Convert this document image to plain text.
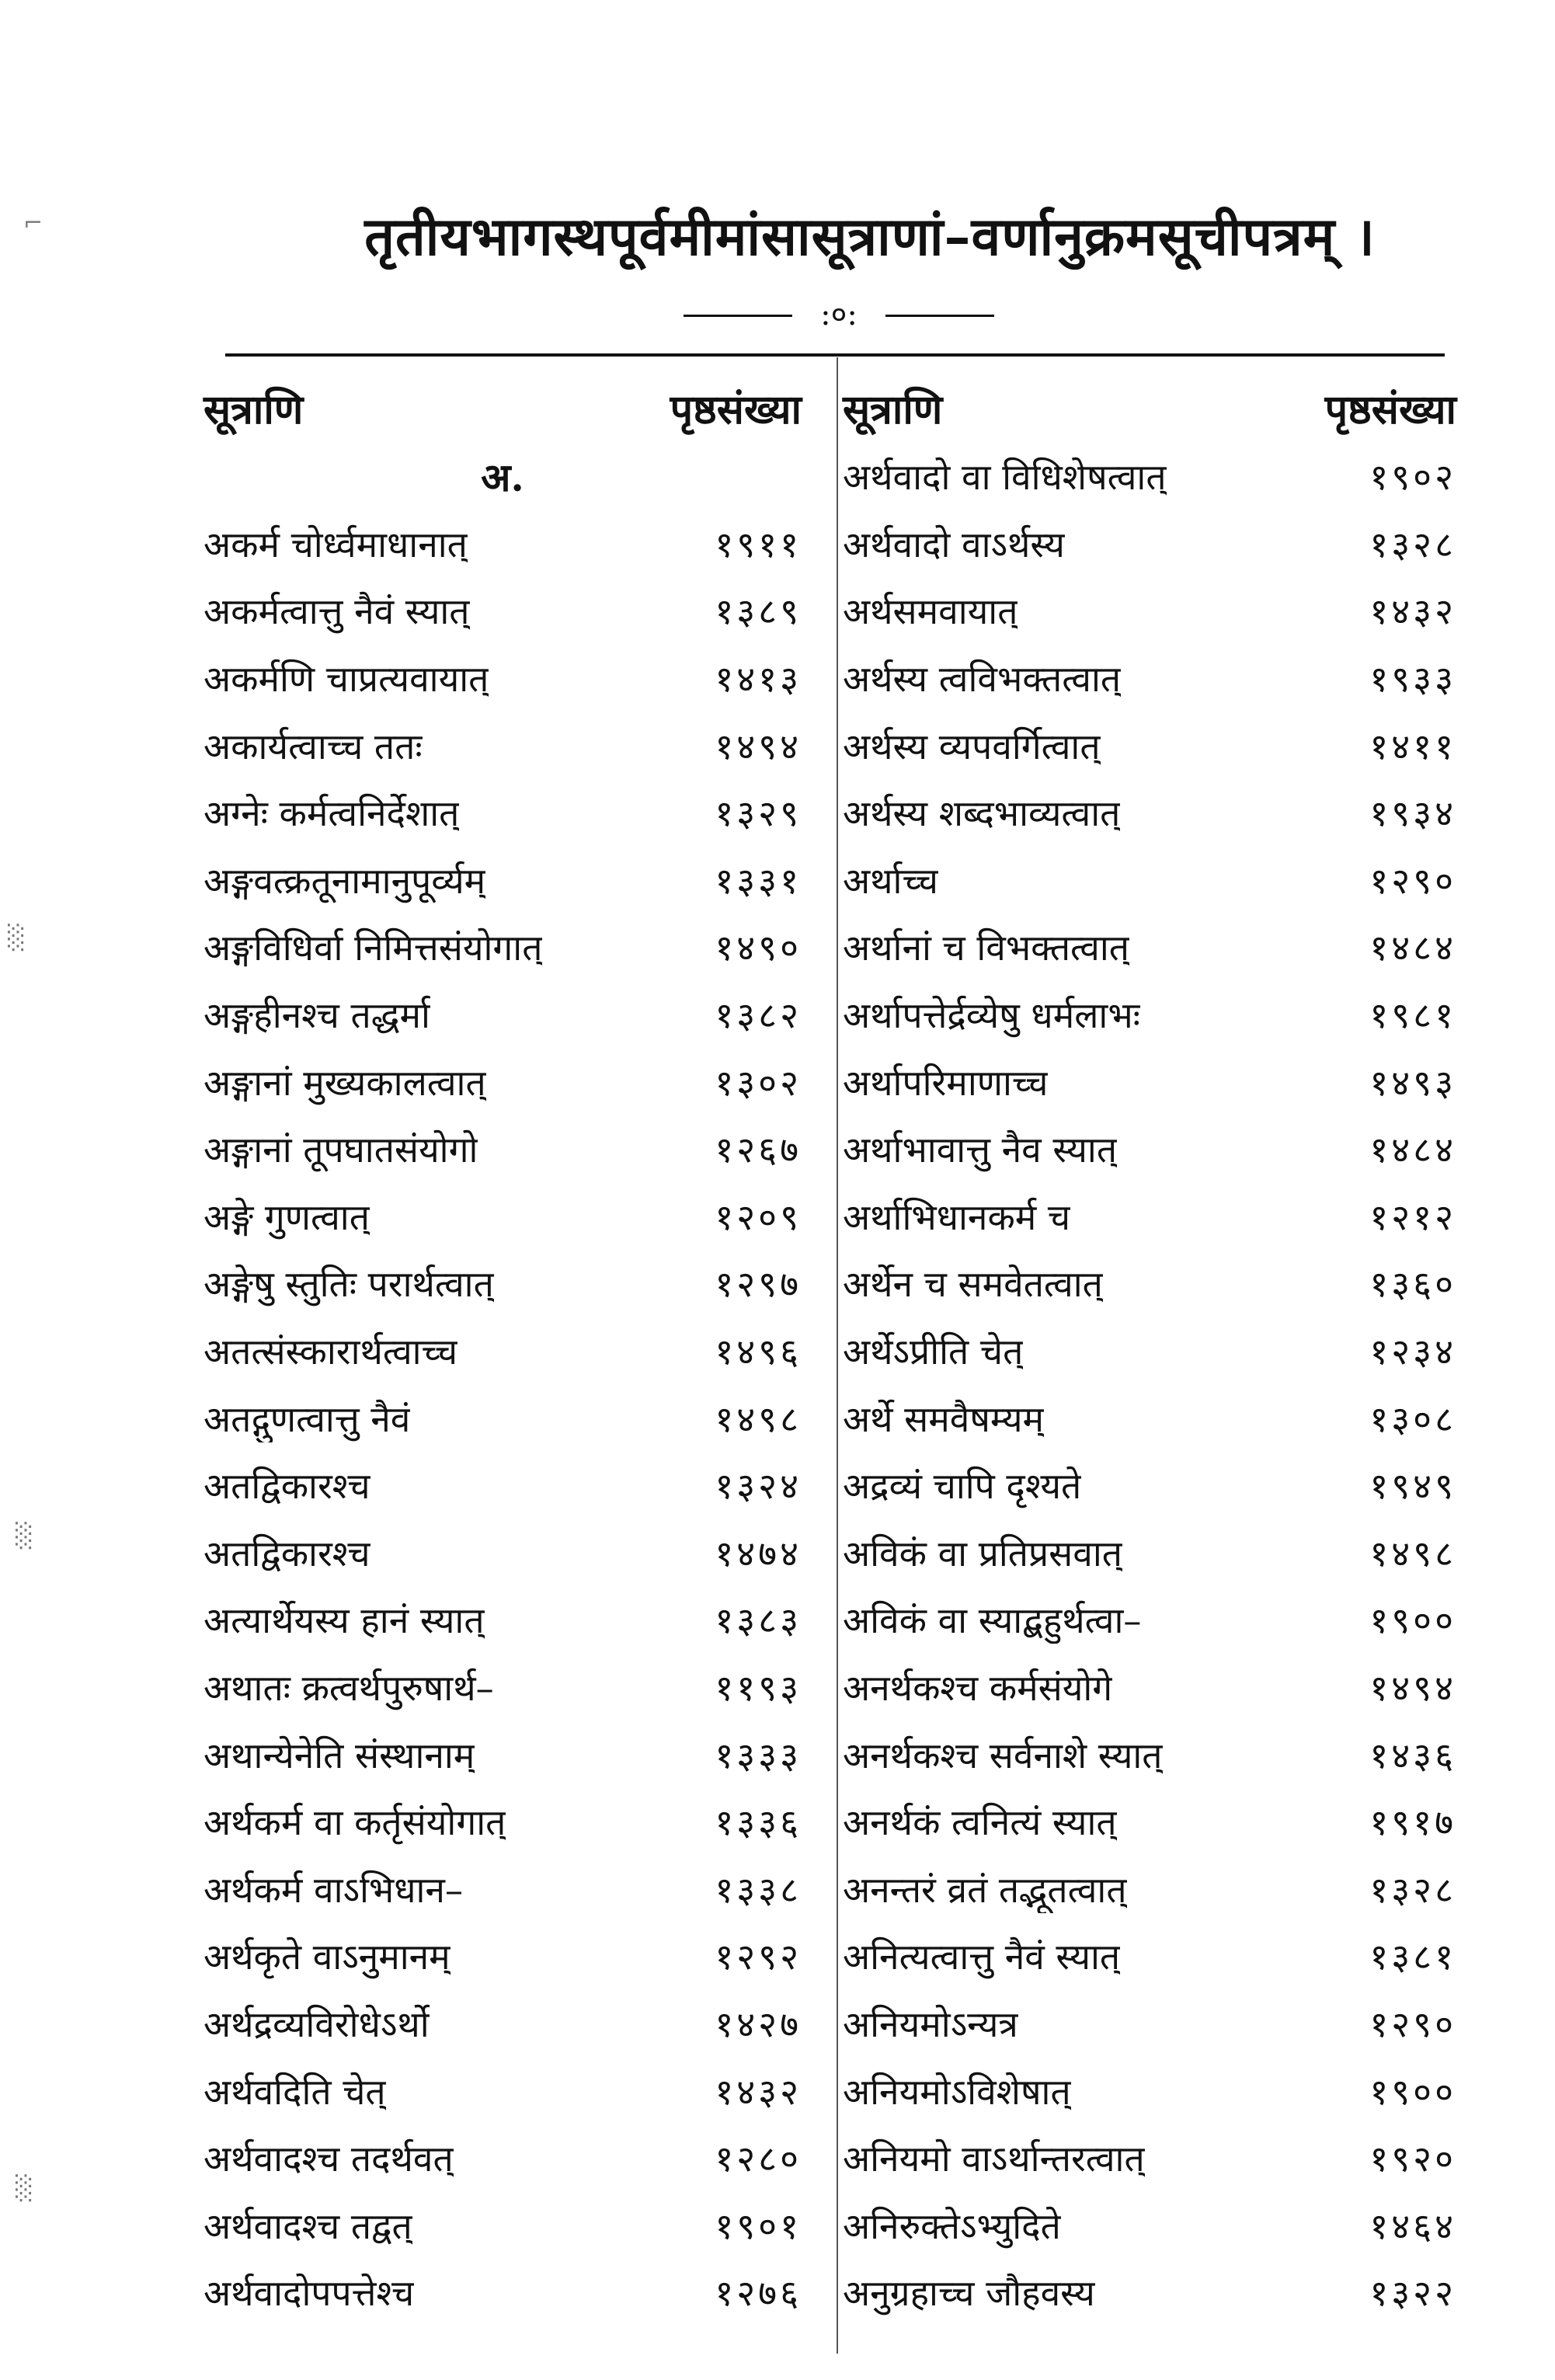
⌐
░
░
░
तृतीयभागस्थपूर्वमीमांसासूत्राणां–वर्णानुक्रमसूचीपत्रम् ।
:०:
सूत्राणि	पृष्ठसंख्या
अ.
अकर्म चोर्ध्वमाधानात्	१९११
अकर्मत्वात्तु नैवं स्यात्	१३८९
अकर्मणि चाप्रत्यवायात्	१४१३
अकार्यत्वाच्च ततः	१४९४
अग्नेः कर्मत्वनिर्देशात्	१३२९
अङ्गवत्क्रतूनामानुपूर्व्यम्	१३३१
अङ्गविधिर्वा निमित्तसंयोगात्	१४९०
अङ्गहीनश्च तद्धर्मा	१३८२
अङ्गानां मुख्यकालत्वात्	१३०२
अङ्गानां तूपघातसंयोगो	१२६७
अङ्गे गुणत्वात्	१२०९
अङ्गेषु स्तुतिः परार्थत्वात्	१२९७
अतत्संस्कारार्थत्वाच्च	१४९६
अतद्गुणत्वात्तु नैवं	१४९८
अतद्विकारश्च	१३२४
अतद्विकारश्च	१४७४
अत्यार्थेयस्य हानं स्यात्	१३८३
अथातः क्रत्वर्थपुरुषार्थ–	११९३
अथान्येनेति संस्थानाम्	१३३३
अर्थकर्म वा कर्तृसंयोगात्	१३३६
अर्थकर्म वाऽभिधान–	१३३८
अर्थकृते वाऽनुमानम्	१२९२
अर्थद्रव्यविरोधेऽर्थो	१४२७
अर्थवदिति चेत्	१४३२
अर्थवादश्च तदर्थवत्	१२८०
अर्थवादश्च तद्वत्	१९०१
अर्थवादोपपत्तेश्च	१२७६
सूत्राणि	पृष्ठसंख्या
अर्थवादो वा विधिशेषत्वात्	१९०२
अर्थवादो वाऽर्थस्य	१३२८
अर्थसमवायात्	१४३२
अर्थस्य त्वविभक्तत्वात्	१९३३
अर्थस्य व्यपवर्गित्वात्	१४११
अर्थस्य शब्दभाव्यत्वात्	१९३४
अर्थाच्च	१२९०
अर्थानां च विभक्तत्वात्	१४८४
अर्थापत्तेर्द्रव्येषु धर्मलाभः	१९८१
अर्थापरिमाणाच्च	१४९३
अर्थाभावात्तु नैव स्यात्	१४८४
अर्थाभिधानकर्म च	१२१२
अर्थेन च समवेतत्वात्	१३६०
अर्थेऽप्रीति चेत्	१२३४
अर्थे समवैषम्यम्	१३०८
अद्रव्यं चापि दृश्यते	१९४९
अविकं वा प्रतिप्रसवात्	१४९८
अविकं वा स्याद्बहुर्थत्वा–	१९००
अनर्थकश्च कर्मसंयोगे	१४९४
अनर्थकश्च सर्वनाशे स्यात्	१४३६
अनर्थकं त्वनित्यं स्यात्	१९१७
अनन्तरं व्रतं तद्भूतत्वात्	१३२८
अनित्यत्वात्तु नैवं स्यात्	१३८१
अनियमोऽन्यत्र	१२९०
अनियमोऽविशेषात्	१९००
अनियमो वाऽर्थान्तरत्वात्	१९२०
अनिरुक्तेऽभ्युदिते	१४६४
अनुग्रहाच्च जौहवस्य	१३२२
